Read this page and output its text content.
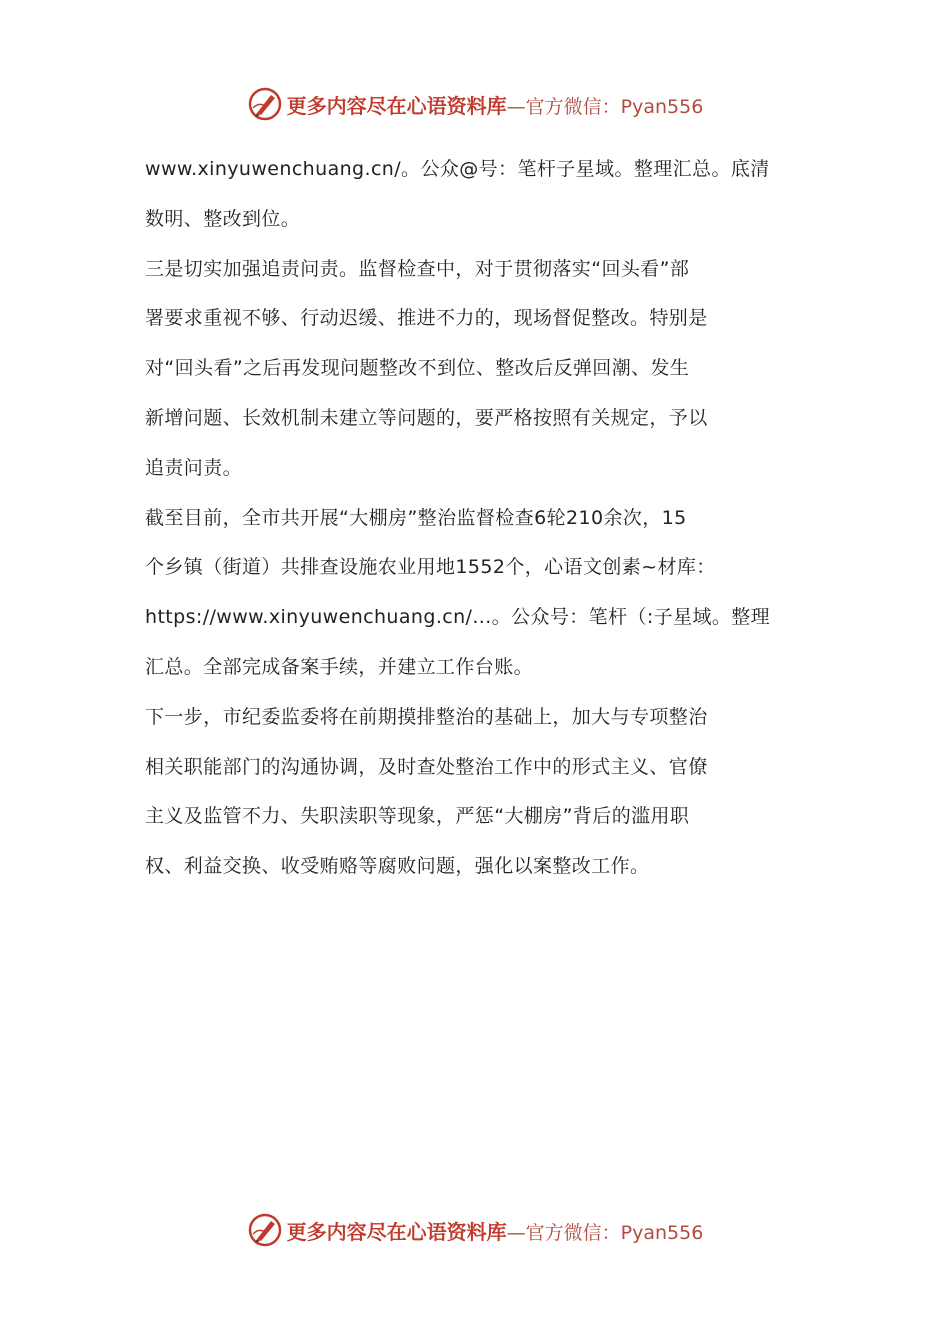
更多内容尽在心语资料库 —官方微信：Pyan556

www.xinyuwenchuang.cn/。公众@号：笔杆子星域。整理汇总。底清
数明、整改到位。

三是切实加强追责问责。监督检查中，对于贯彻落实“回头看”部
署要求重视不够、行动迟缓、推进不力的，现场督促整改。特别是
对“回头看”之后再发现问题整改不到位、整改后反弹回潮、发生
新增问题、长效机制未建立等问题的，要严格按照有关规定，予以
追责问责。

截至目前，全市共开展“大棚房”整治监督检查6轮210余次，15
个乡镇（街道）共排查设施农业用地1552个，心语文创素~材库：
https://www.xinyuwenchuang.cn/...。公众号：笔杆（:子星域。整理
汇总。全部完成备案手续，并建立工作台账。

下一步，市纪委监委将在前期摸排整治的基础上，加大与专项整治
相关职能部门的沟通协调，及时查处整治工作中的形式主义、官僚
主义及监管不力、失职渎职等现象，严惩“大棚房”背后的滥用职
权、利益交换、收受贿赂等腐败问题，强化以案整改工作。

更多内容尽在心语资料库 —官方微信：Pyan556
